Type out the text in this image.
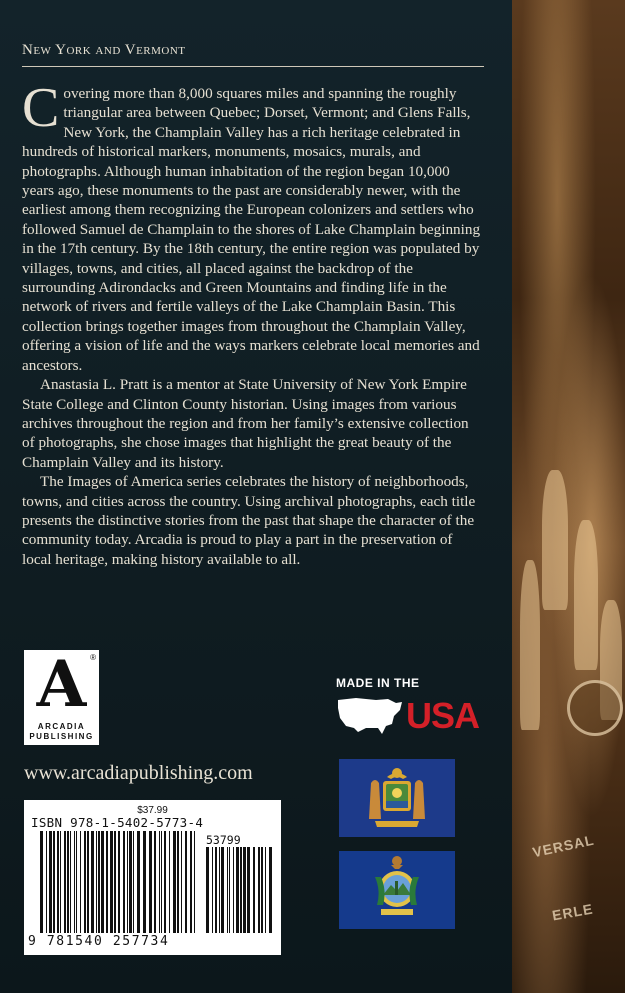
VERSAL
ERLE
New York and Vermont

Covering more than 8,000 squares miles and spanning the roughly triangular area between Quebec; Dorset, Vermont; and Glens Falls, New York, the Champlain Valley has a rich heritage celebrated in hundreds of historical markers, monuments, mosaics, murals, and photographs. Although human inhabitation of the region began 10,000 years ago, these monuments to the past are considerably newer, with the earliest among them recognizing the European colonizers and settlers who followed Samuel de Champlain to the shores of Lake Champlain beginning in the 17th century. By the 18th century, the entire region was populated by villages, towns, and cities, all placed against the backdrop of the surrounding Adirondacks and Green Mountains and finding life in the network of rivers and fertile valleys of the Lake Champlain Basin. This collection brings together images from throughout the Champlain Valley, offering a vision of life and the ways markers celebrate local memories and ancestors.

Anastasia L. Pratt is a mentor at State University of New York Empire State College and Clinton County historian. Using images from various archives throughout the region and from her family’s extensive collection of photographs, she chose images that highlight the great beauty of the Champlain Valley and its history.

The Images of America series celebrates the history of neighborhoods, towns, and cities across the country. Using archival photographs, each title presents the distinctive stories from the past that shape the character of the community today. Arcadia is proud to play a part in the preservation of local heritage, making history available to all.

A ®
ARCADIA
PUBLISHING
www.arcadiapublishing.com
$37.99
ISBN 978-1-5402-5773-4
53799
9 781540 257734
MADE IN THE
USA
